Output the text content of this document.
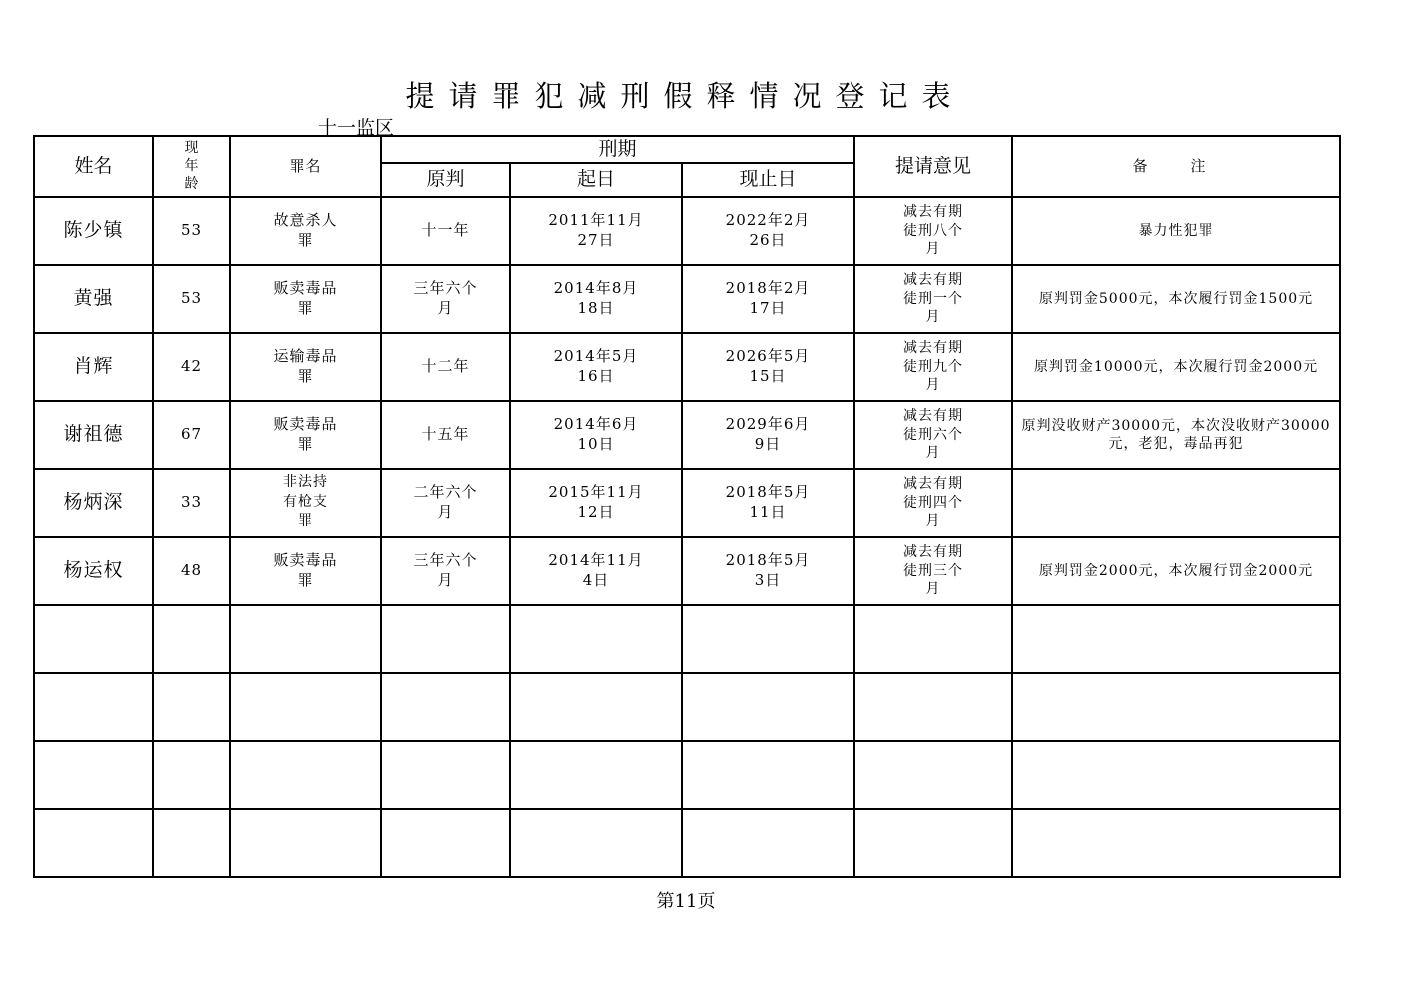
提请罪犯减刑假释情况登记表
十一监区
姓名	现年龄	罪名	刑期			提请意见	备　注
			原判	起日	现止日		
陈少镇	53	故意杀人罪	十一年	2011年11月27日	2022年2月26日	减去有期徒刑八个月	暴力性犯罪
黄强	53	贩卖毒品罪	三年六个月	2014年8月18日	2018年2月17日	减去有期徒刑一个月	原判罚金5000元，本次履行罚金1500元
肖辉	42	运输毒品罪	十二年	2014年5月16日	2026年5月15日	减去有期徒刑九个月	原判罚金10000元，本次履行罚金2000元
谢祖德	67	贩卖毒品罪	十五年	2014年6月10日	2029年6月9日	减去有期徒刑六个月	原判没收财产30000元，本次没收财产30000元，老犯，毒品再犯
杨炳深	33	非法持有枪支罪	二年六个月	2015年11月12日	2018年5月11日	减去有期徒刑四个月	
杨运权	48	贩卖毒品罪	三年六个月	2014年11月4日	2018年5月3日	减去有期徒刑三个月	原判罚金2000元，本次履行罚金2000元

第11页
